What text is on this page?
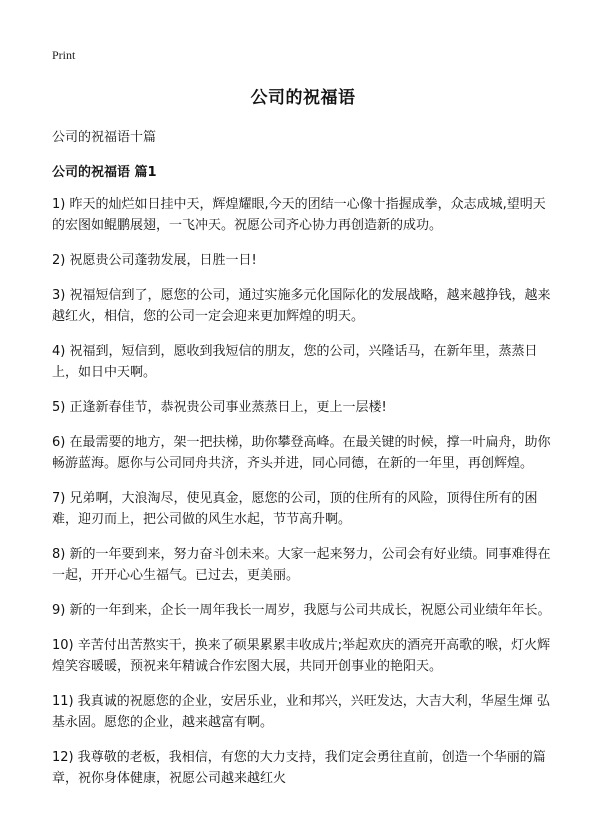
Print
公司的祝福语

公司的祝福语十篇

公司的祝福语 篇1

1) 昨天的灿烂如日挂中天，辉煌耀眼,今天的团结一心像十指握成拳，众志成城,望明天的宏图如鲲鹏展翅，一飞冲天。祝愿公司齐心协力再创造新的成功。

2) 祝愿贵公司蓬勃发展，日胜一日!

3) 祝福短信到了，愿您的公司，通过实施多元化国际化的发展战略，越来越挣钱，越来越红火，相信，您的公司一定会迎来更加辉煌的明天。

4) 祝福到，短信到，愿收到我短信的朋友，您的公司，兴隆话马，在新年里，蒸蒸日上，如日中天啊。

5) 正逢新春佳节，恭祝贵公司事业蒸蒸日上，更上一层楼!

6) 在最需要的地方，架一把扶梯，助你攀登高峰。在最关键的时候，撑一叶扁舟，助你畅游蓝海。愿你与公司同舟共济，齐头并进，同心同德，在新的一年里，再创辉煌。

7) 兄弟啊，大浪淘尽，使见真金，愿您的公司，顶的住所有的风险，顶得住所有的困难，迎刃而上，把公司做的风生水起，节节高升啊。

8) 新的一年要到来，努力奋斗创未来。大家一起来努力，公司会有好业绩。同事难得在一起，开开心心生福气。已过去，更美丽。

9) 新的一年到来，企长一周年我长一周岁，我愿与公司共成长，祝愿公司业绩年年长。

10) 辛苦付出苦熬实干，换来了硕果累累丰收成片;举起欢庆的酒亮开高歌的喉，灯火辉煌笑容暖暖，预祝来年精诚合作宏图大展，共同开创事业的艳阳天。

11) 我真诚的祝愿您的企业，安居乐业，业和邦兴，兴旺发达，大吉大利，华屋生煇 弘基永固。愿您的企业，越来越富有啊。

12) 我尊敬的老板，我相信，有您的大力支持，我们定会勇往直前，创造一个华丽的篇章，祝你身体健康，祝愿公司越来越红火
